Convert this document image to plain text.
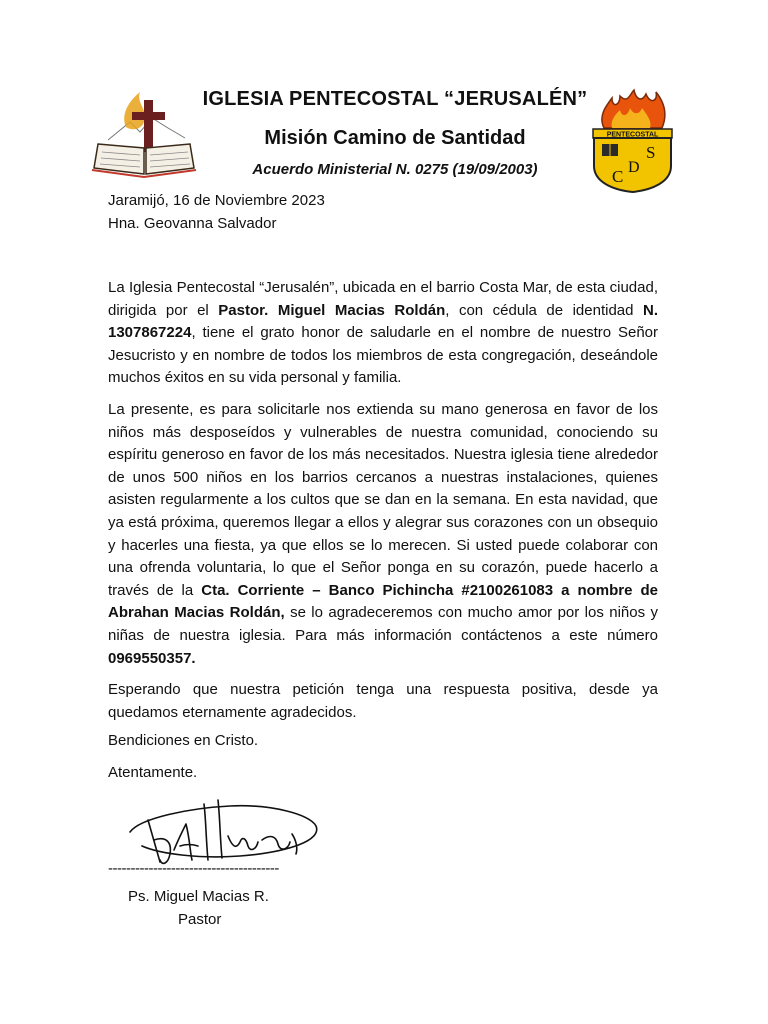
PENTECOSTAL
C D
S
IGLESIA PENTECOSTAL “JERUSALÉN”
Misión Camino de Santidad
Acuerdo Ministerial N. 0275 (19/09/2003)
Jaramijó, 16 de Noviembre 2023
Hna. Geovanna Salvador

La Iglesia Pentecostal “Jerusalén”, ubicada en el barrio Costa Mar, de esta ciudad, dirigida por el Pastor. Miguel Macias Roldán, con cédula de identidad N. 1307867224, tiene el grato honor de saludarle en el nombre de nuestro Señor Jesucristo y en nombre de todos los miembros de esta congregación, deseándole muchos éxitos en su vida personal y familia.

La presente, es para solicitarle nos extienda su mano generosa en favor de los niños más desposeídos y vulnerables de nuestra comunidad, conociendo su espíritu generoso en favor de los más necesitados. Nuestra iglesia tiene alrededor de unos 500 niños en los barrios cercanos a nuestras instalaciones, quienes asisten regularmente a los cultos que se dan en la semana. En esta navidad, que ya está próxima, queremos llegar a ellos y alegrar sus corazones con un obsequio y hacerles una fiesta, ya que ellos se lo merecen. Si usted puede colaborar con una ofrenda voluntaria, lo que el Señor ponga en su corazón, puede hacerlo a través de la Cta. Corriente – Banco Pichincha #2100261083 a nombre de Abrahan Macias Roldán, se lo agradeceremos con mucho amor por los niños y niñas de nuestra iglesia. Para más información contáctenos a este número 0969550357.

Esperando que nuestra petición tenga una respuesta positiva, desde ya quedamos eternamente agradecidos.

Bendiciones en Cristo.
Atentamente.
--------------------------------------
Ps. Miguel Macias R.
Pastor
